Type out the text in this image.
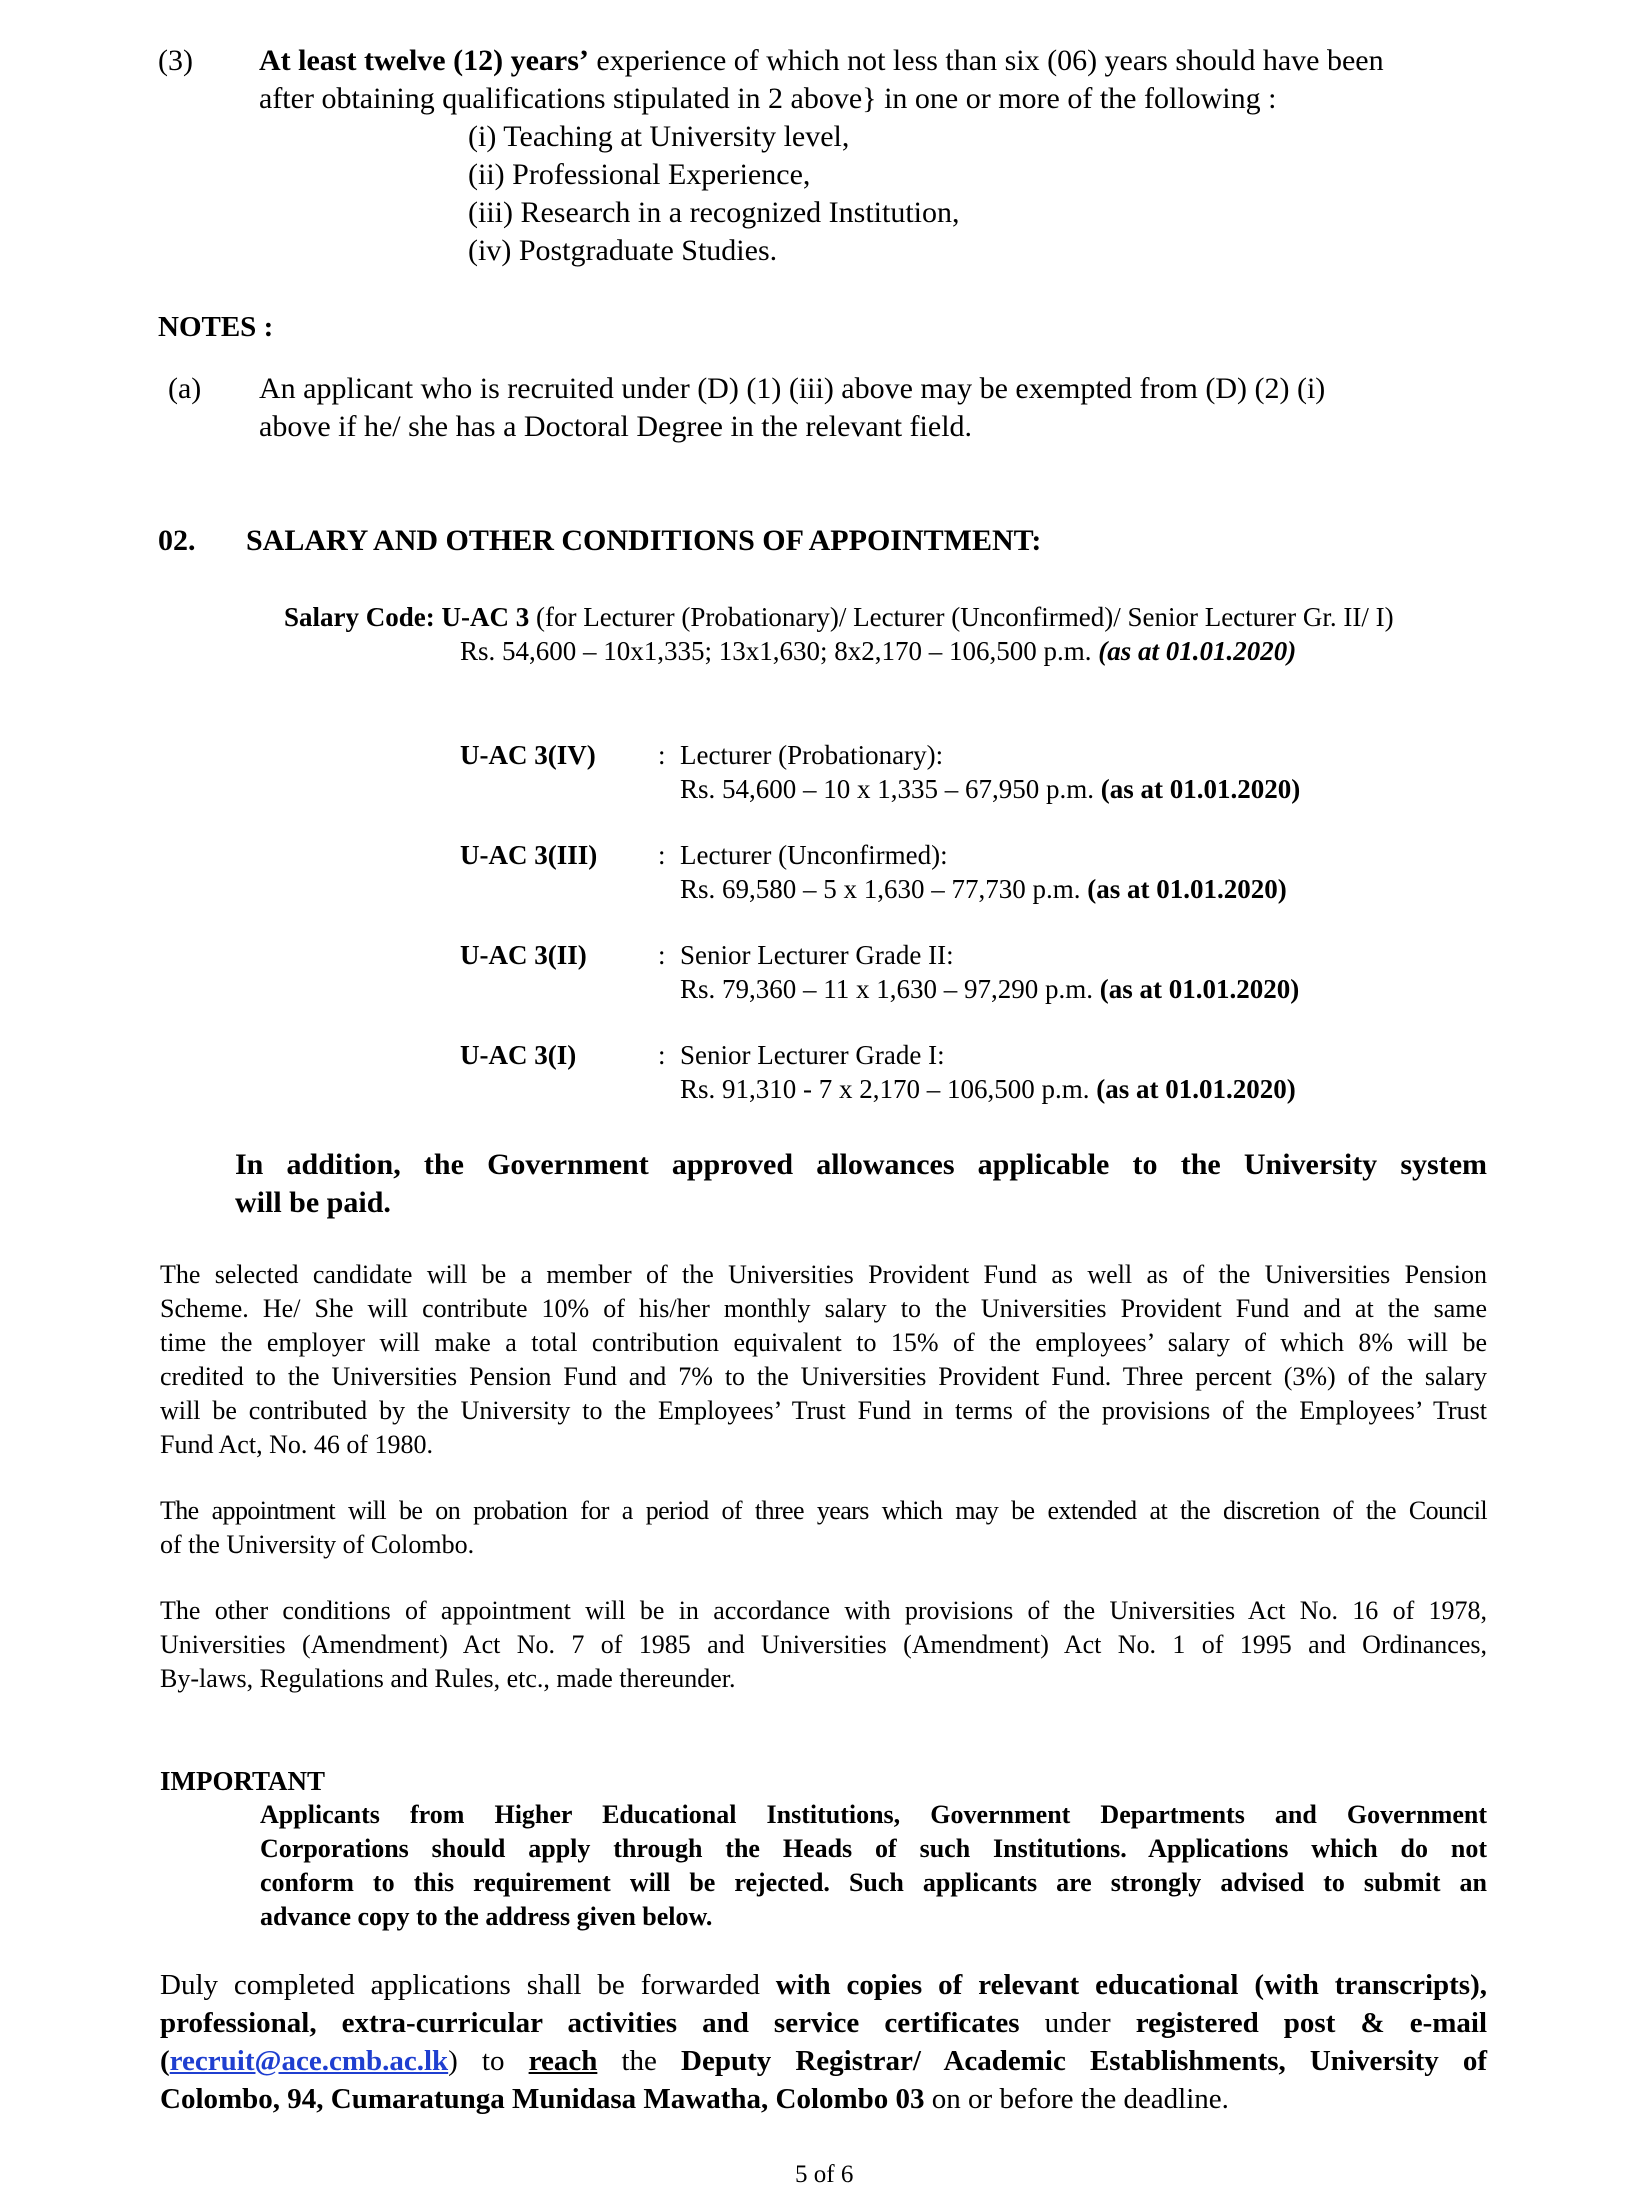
(3) At least twelve (12) years’ experience of which not less than six (06) years should have been
after obtaining qualifications stipulated in 2 above} in one or more of the following :
(i) Teaching at University level,
(ii) Professional Experience,
(iii) Research in a recognized Institution,
(iv) Postgraduate Studies.
NOTES :
(a) An applicant who is recruited under (D) (1) (iii) above may be exempted from (D) (2) (i)
above if he/ she has a Doctoral Degree in the relevant field.
02. SALARY AND OTHER CONDITIONS OF APPOINTMENT:
Salary Code: U-AC 3 (for Lecturer (Probationary)/ Lecturer (Unconfirmed)/ Senior Lecturer Gr. II/ I)
Rs. 54,600 – 10x1,335; 13x1,630; 8x2,170 – 106,500 p.m. (as at 01.01.2020)
U-AC 3(IV) : Lecturer (Probationary):
Rs. 54,600 – 10 x 1,335 – 67,950 p.m. (as at 01.01.2020)
U-AC 3(III) : Lecturer (Unconfirmed):
Rs. 69,580 – 5 x 1,630 – 77,730 p.m. (as at 01.01.2020)
U-AC 3(II)	: Senior Lecturer Grade II:
Rs. 79,360 – 11 x 1,630 – 97,290 p.m. (as at 01.01.2020)
U-AC 3(I)	: Senior Lecturer Grade I:
Rs. 91,310 - 7 x 2,170 – 106,500 p.m. (as at 01.01.2020)
In addition, the Government approved allowances applicable to the University system
will be paid.
The selected candidate will be a member of the Universities Provident Fund as well as of the Universities Pension
Scheme. He/ She will contribute 10% of his/her monthly salary to the Universities Provident Fund and at the same
time the employer will make a total contribution equivalent to 15% of the employees’ salary of which 8% will be
credited to the Universities Pension Fund and 7% to the Universities Provident Fund. Three percent (3%) of the salary
will be contributed by the University to the Employees’ Trust Fund in terms of the provisions of the Employees’ Trust
Fund Act, No. 46 of 1980.
The appointment will be on probation for a period of three years which may be extended at the discretion of the Council
of the University of Colombo.
The other conditions of appointment will be in accordance with provisions of the Universities Act No. 16 of 1978,
Universities (Amendment) Act No. 7 of 1985 and Universities (Amendment) Act No. 1 of 1995 and Ordinances,
By-laws, Regulations and Rules, etc., made thereunder.
IMPORTANT
Applicants from Higher Educational Institutions, Government Departments and Government
Corporations should apply through the Heads of such Institutions. Applications which do not
conform to this requirement will be rejected. Such applicants are strongly advised to submit an
advance copy to the address given below.
Duly completed applications shall be forwarded with copies of relevant educational (with transcripts),
professional, extra-curricular activities and service certificates under registered post & e-mail
(recruit@ace.cmb.ac.lk) to reach the Deputy Registrar/ Academic Establishments, University of
Colombo, 94, Cumaratunga Munidasa Mawatha, Colombo 03 on or before the deadline.
5 of 6
